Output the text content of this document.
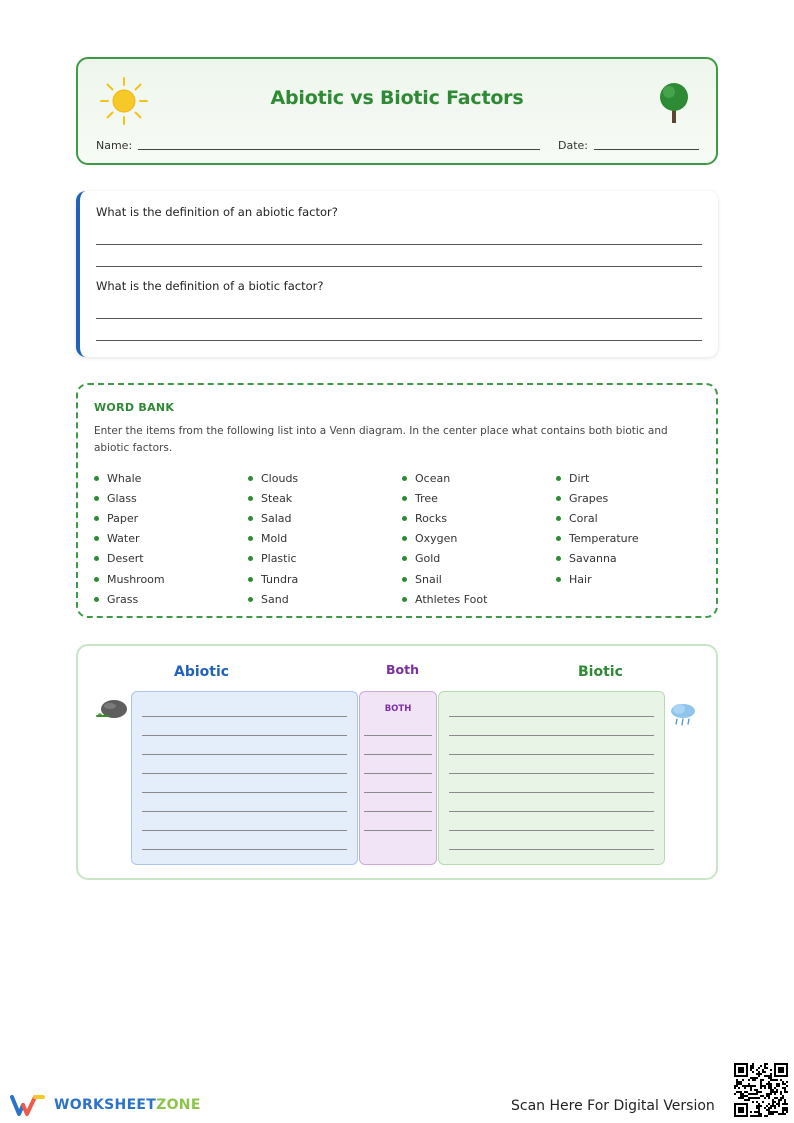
Abiotic vs Biotic Factors
Name:	Date:
What is the definition of an abiotic factor?
What is the definition of a biotic factor?
WORD BANK
Enter the items from the following list into a Venn diagram. In the center place what contains both biotic and abiotic factors.
Whale
Glass
Paper
Water
Desert
Mushroom
Grass
Clouds
Steak
Salad
Mold
Plastic
Tundra
Sand
Ocean
Tree
Rocks
Oxygen
Gold
Snail
Athletes Foot
Dirt
Grapes
Coral
Temperature
Savanna
Hair
Abiotic	Both	Biotic
BOTH
WORKSHEETZONE	Scan Here For Digital Version
